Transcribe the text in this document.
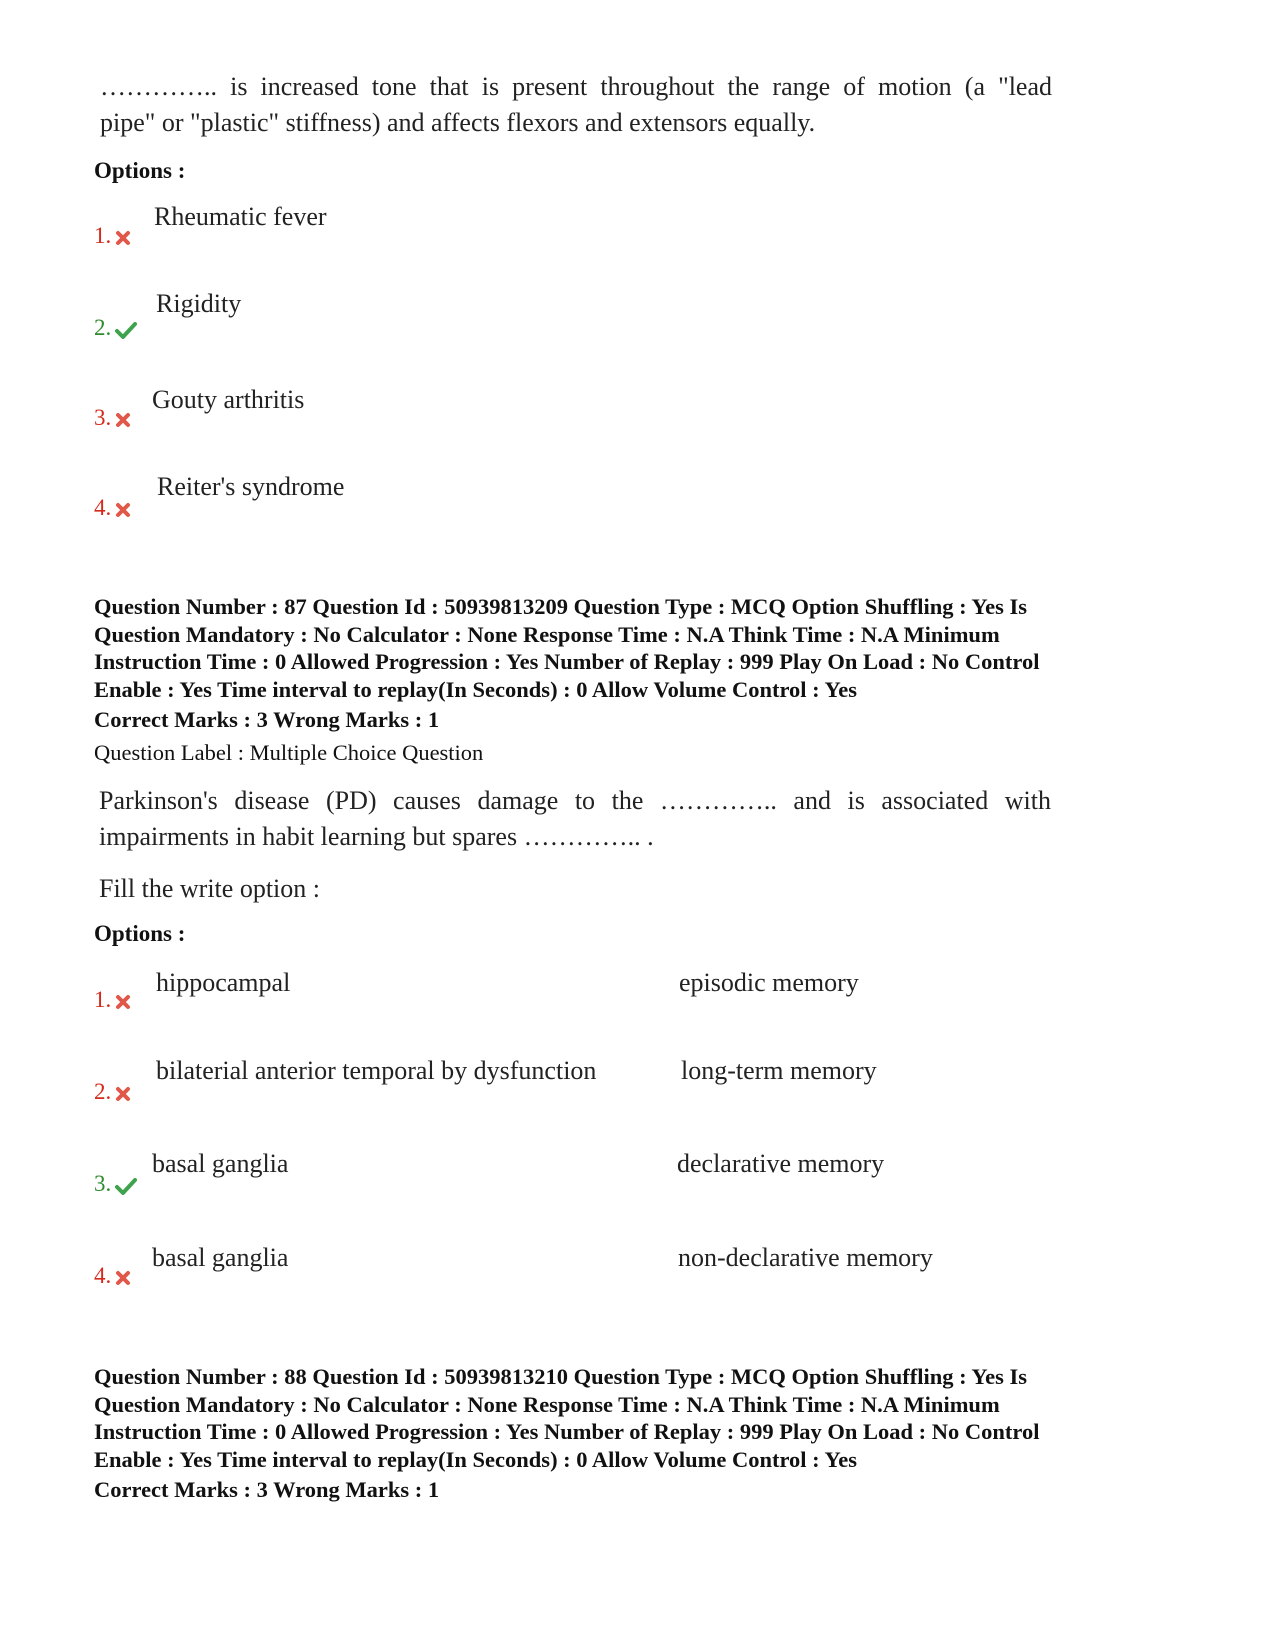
………….. is increased tone that is present throughout the range of motion (a "lead
pipe" or "plastic" stiffness) and affects flexors and extensors equally.
Options :
1.
Rheumatic fever
2.
Rigidity
3.
Gouty arthritis
4.
Reiter's syndrome
Question Number : 87 Question Id : 50939813209 Question Type : MCQ Option Shuffling : Yes Is
Question Mandatory : No Calculator : None Response Time : N.A Think Time : N.A Minimum
Instruction Time : 0 Allowed Progression : Yes Number of Replay : 999 Play On Load : No Control
Enable : Yes Time interval to replay(In Seconds) : 0 Allow Volume Control : Yes
Correct Marks : 3 Wrong Marks : 1
Question Label : Multiple Choice Question
Parkinson's disease (PD) causes damage to the ………….. and is associated with
impairments in habit learning but spares ………….. .
Fill the write option :
Options :
1.
hippocampal	episodic memory
2.
bilaterial anterior temporal by dysfunction	long-term memory
3.
basal ganglia	declarative memory
4.
basal ganglia	non-declarative memory
Question Number : 88 Question Id : 50939813210 Question Type : MCQ Option Shuffling : Yes Is
Question Mandatory : No Calculator : None Response Time : N.A Think Time : N.A Minimum
Instruction Time : 0 Allowed Progression : Yes Number of Replay : 999 Play On Load : No Control
Enable : Yes Time interval to replay(In Seconds) : 0 Allow Volume Control : Yes
Correct Marks : 3 Wrong Marks : 1
